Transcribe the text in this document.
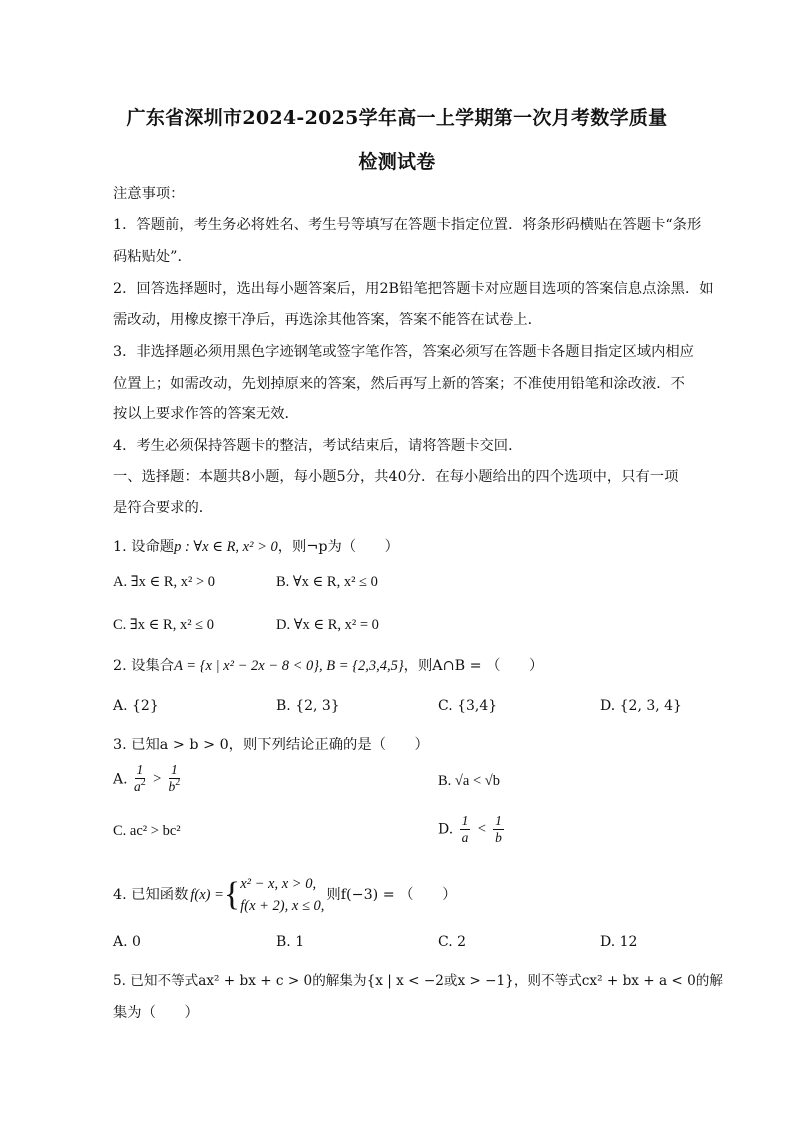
广东省深圳市2024-2025学年高一上学期第一次月考数学质量
检测试卷
注意事项：
1．答题前，考生务必将姓名、考生号等填写在答题卡指定位置．将条形码横贴在答题卡“条形
码粘贴处”．
2．回答选择题时，选出每小题答案后，用2B铅笔把答题卡对应题目选项的答案信息点涂黑．如
需改动，用橡皮擦干净后，再选涂其他答案，答案不能答在试卷上．
3．非选择题必须用黑色字迹钢笔或签字笔作答，答案必须写在答题卡各题目指定区域内相应
位置上；如需改动，先划掉原来的答案，然后再写上新的答案；不准使用铅笔和涂改液．不
按以上要求作答的答案无效．
4．考生必须保持答题卡的整洁，考试结束后，请将答题卡交回．
一、选择题：本题共8小题，每小题5分，共40分．在每小题给出的四个选项中，只有一项
是符合要求的．
1. 设命题p : ∀x ∈ R, x² > 0，则¬p为（　　）
A. ∃x ∈ R, x² > 0	B. ∀x ∈ R, x² ≤ 0
C. ∃x ∈ R, x² ≤ 0	D. ∀x ∈ R, x² = 0
2. 设集合A = {x | x² − 2x − 8 < 0}, B = {2,3,4,5}，则A∩B = （　　）
A. {2}	B. {2, 3}	C. {3,4}	D. {2, 3, 4}
3. 已知a > b > 0，则下列结论正确的是（　　）
A. $\frac{1}{a^2} > \frac{1}{b^2}$	B. √a < √b
C. ac² > bc²	D. $\frac{1}{a} < \frac{1}{b}$
4. 已知函数 f(x) = { x² − x, x > 0,
f(x + 2), x ≤ 0,
则f(−3) = （　　）
A. 0	B. 1	C. 2	D. 12
5. 已知不等式ax² + bx + c > 0的解集为{x | x < −2或x > −1}，则不等式cx² + bx + a < 0的解
集为（　　）
